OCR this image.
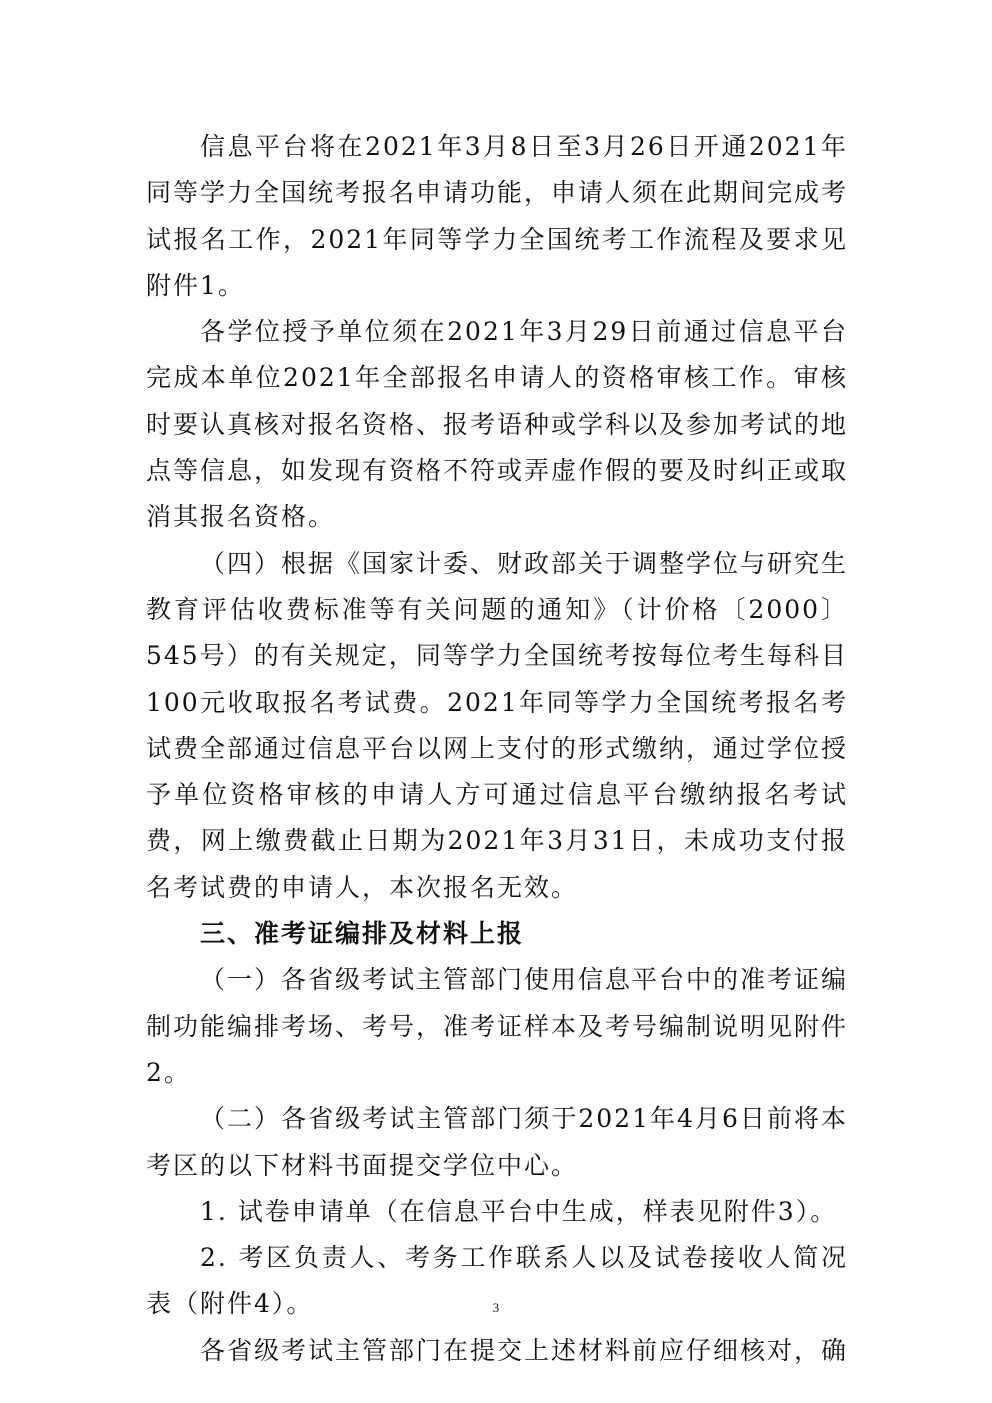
信息平台将在2021年3月8日至3月26日开通2021年同等学力全国统考报名申请功能，申请人须在此期间完成考试报名工作，2021年同等学力全国统考工作流程及要求见附件1。

各学位授予单位须在2021年3月29日前通过信息平台完成本单位2021年全部报名申请人的资格审核工作。审核时要认真核对报名资格、报考语种或学科以及参加考试的地点等信息，如发现有资格不符或弄虚作假的要及时纠正或取消其报名资格。

（四）根据《国家计委、财政部关于调整学位与研究生教育评估收费标准等有关问题的通知》（计价格〔2000〕545号）的有关规定，同等学力全国统考按每位考生每科目100元收取报名考试费。2021年同等学力全国统考报名考试费全部通过信息平台以网上支付的形式缴纳，通过学位授予单位资格审核的申请人方可通过信息平台缴纳报名考试费，网上缴费截止日期为2021年3月31日，未成功支付报名考试费的申请人，本次报名无效。

三、准考证编排及材料上报

（一）各省级考试主管部门使用信息平台中的准考证编制功能编排考场、考号，准考证样本及考号编制说明见附件2。

（二）各省级考试主管部门须于2021年4月6日前将本考区的以下材料书面提交学位中心。

1. 试卷申请单（在信息平台中生成，样表见附件3）。

2. 考区负责人、考务工作联系人以及试卷接收人简况表（附件4）。

各省级考试主管部门在提交上述材料前应仔细核对，确

3
